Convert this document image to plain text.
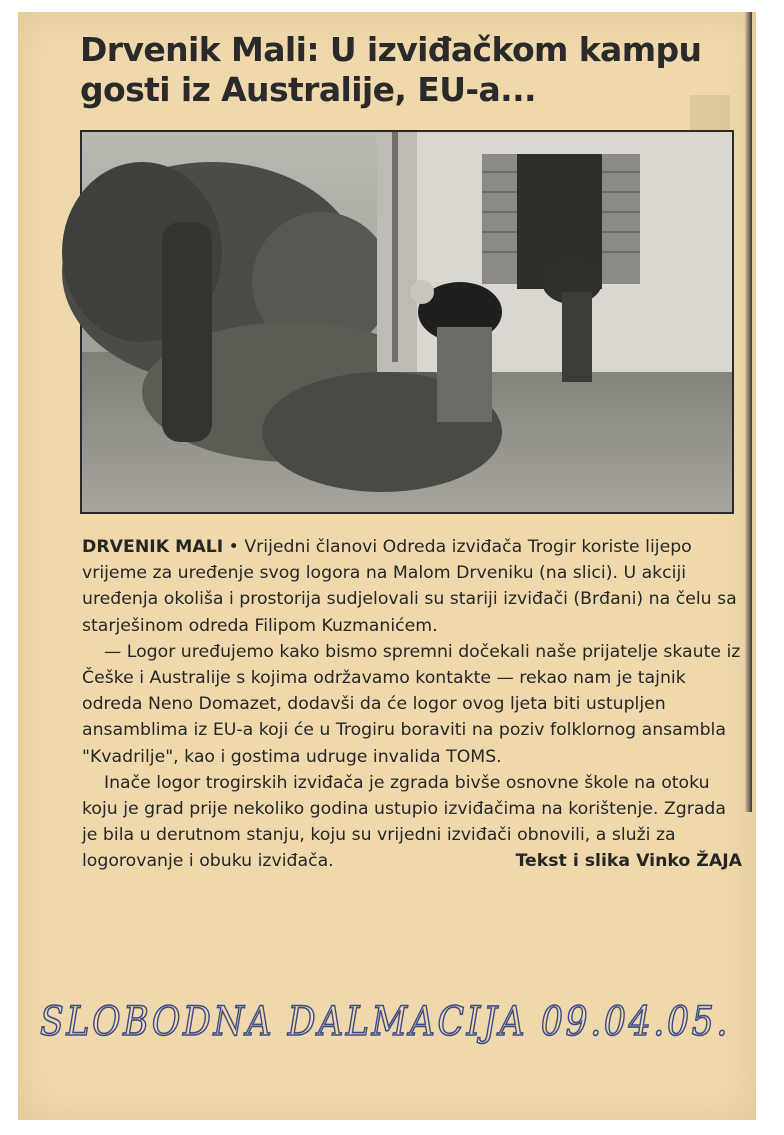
Drvenik Mali: U izviđačkom kampu gosti iz Australije, EU-a...

DRVENIK MALI • Vrijedni članovi Odreda izviđača Trogir koriste lijepo vrijeme za uređenje svog logora na Malom Drveniku (na slici). U akciji uređenja okoliša i prostorija sudjelovali su stariji izviđači (Brđani) na čelu sa starješinom odreda Filipom Kuzmanićem.

— Logor uređujemo kako bismo spremni dočekali naše prijatelje skaute iz Češke i Australije s kojima održavamo kontakte — rekao nam je tajnik odreda Neno Domazet, dodavši da će logor ovog ljeta biti ustupljen ansamblima iz EU-a koji će u Trogiru boraviti na poziv folklornog ansambla "Kvadrilje", kao i gostima udruge invalida TOMS.

Inače logor trogirskih izviđača je zgrada bivše osnovne škole na otoku koju je grad prije nekoliko godina ustupio izviđačima na korištenje. Zgrada je bila u derutnom stanju, koju su vrijedni izviđači obnovili, a služi za logorovanje i obuku izviđača.	Tekst i slika Vinko ŽAJA

SLOBODNA DALMACIJA 09.04.05.
